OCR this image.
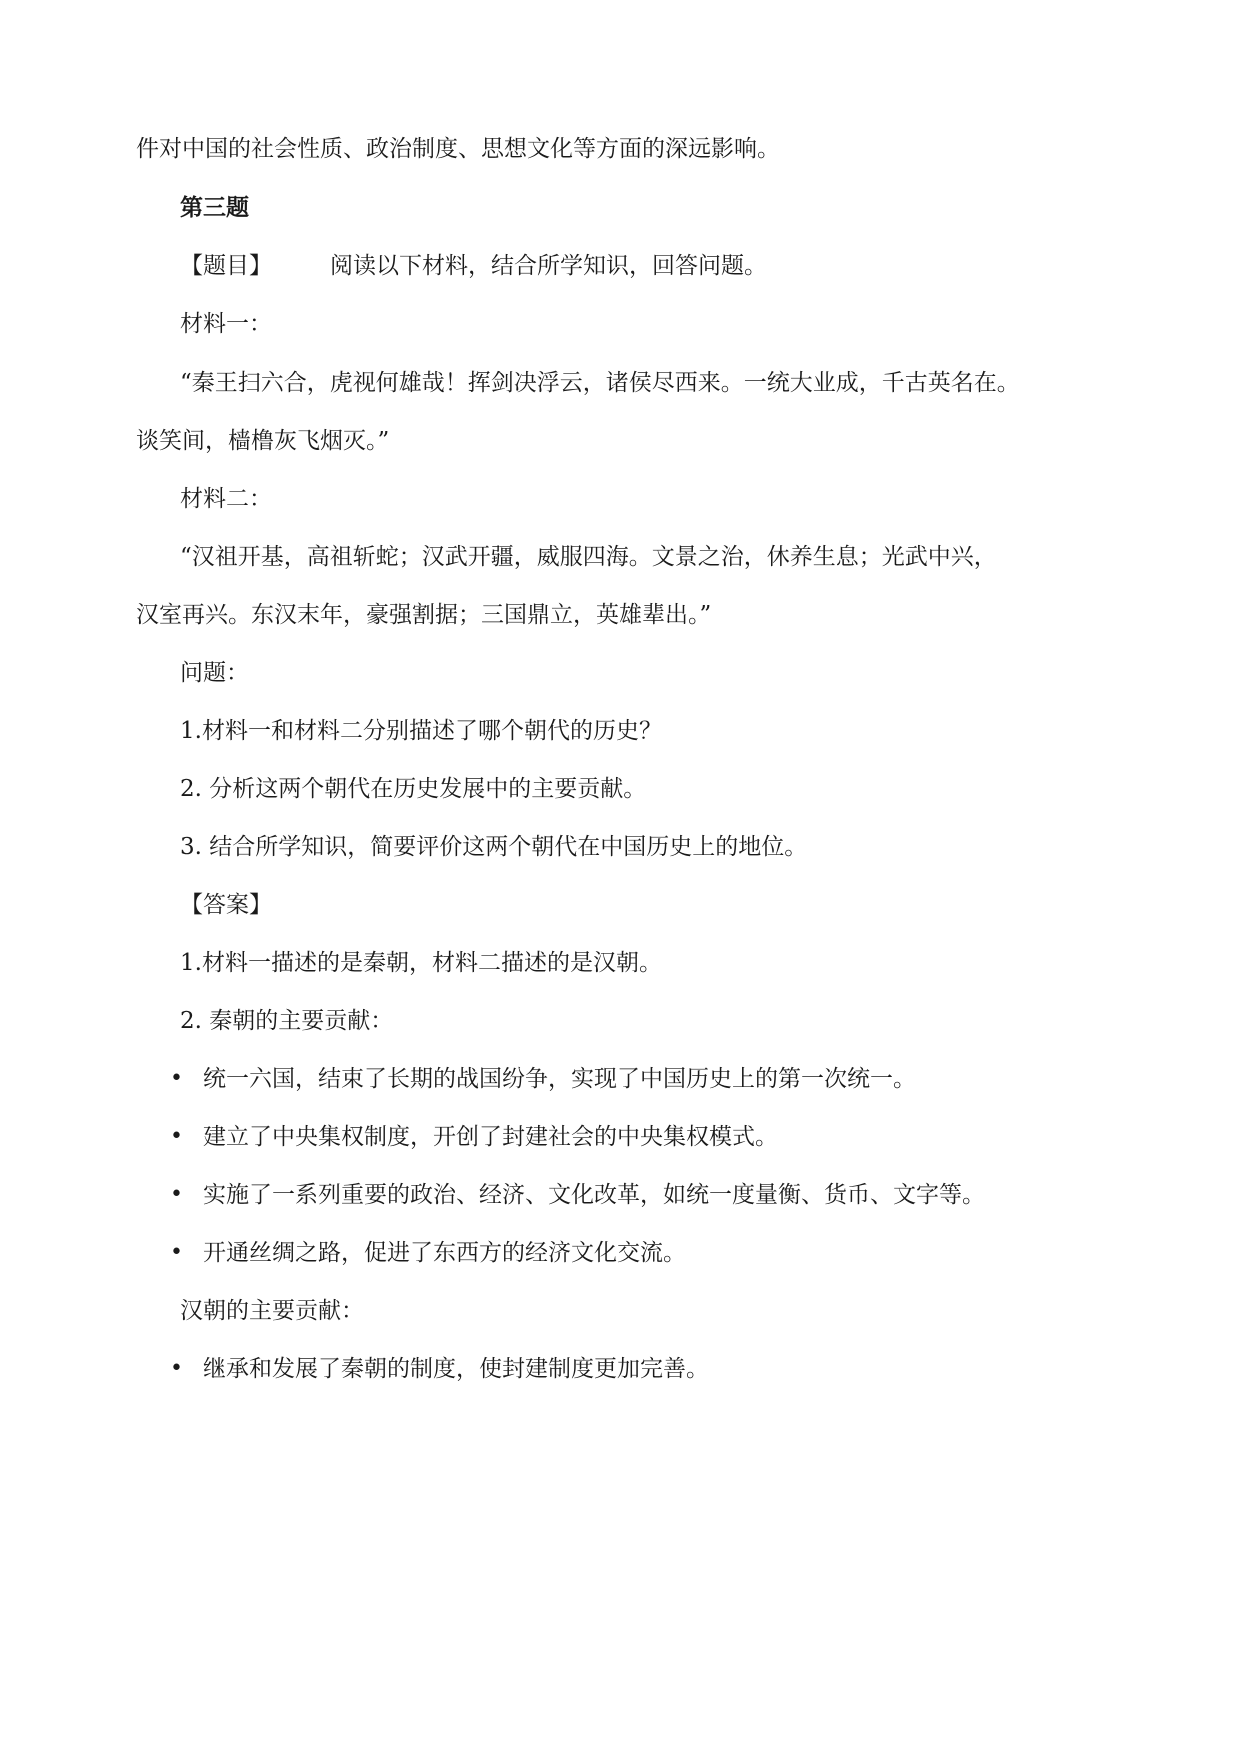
件对中国的社会性质、政治制度、思想文化等方面的深远影响。
第三题
【题目】	阅读以下材料，结合所学知识，回答问题。
材料一：
“秦王扫六合，虎视何雄哉！挥剑决浮云，诸侯尽西来。一统大业成，千古英名在。
谈笑间，樯橹灰飞烟灭。”
材料二：
“汉祖开基，高祖斩蛇；汉武开疆，威服四海。文景之治，休养生息；光武中兴，
汉室再兴。东汉末年，豪强割据；三国鼎立，英雄辈出。”
问题：
1.材料一和材料二分别描述了哪个朝代的历史？
2. 分析这两个朝代在历史发展中的主要贡献。
3. 结合所学知识，简要评价这两个朝代在中国历史上的地位。
【答案】
1.材料一描述的是秦朝，材料二描述的是汉朝。
2. 秦朝的主要贡献：
• 统一六国，结束了长期的战国纷争，实现了中国历史上的第一次统一。
• 建立了中央集权制度，开创了封建社会的中央集权模式。
• 实施了一系列重要的政治、经济、文化改革，如统一度量衡、货币、文字等。
• 开通丝绸之路，促进了东西方的经济文化交流。
汉朝的主要贡献：
• 继承和发展了秦朝的制度，使封建制度更加完善。
